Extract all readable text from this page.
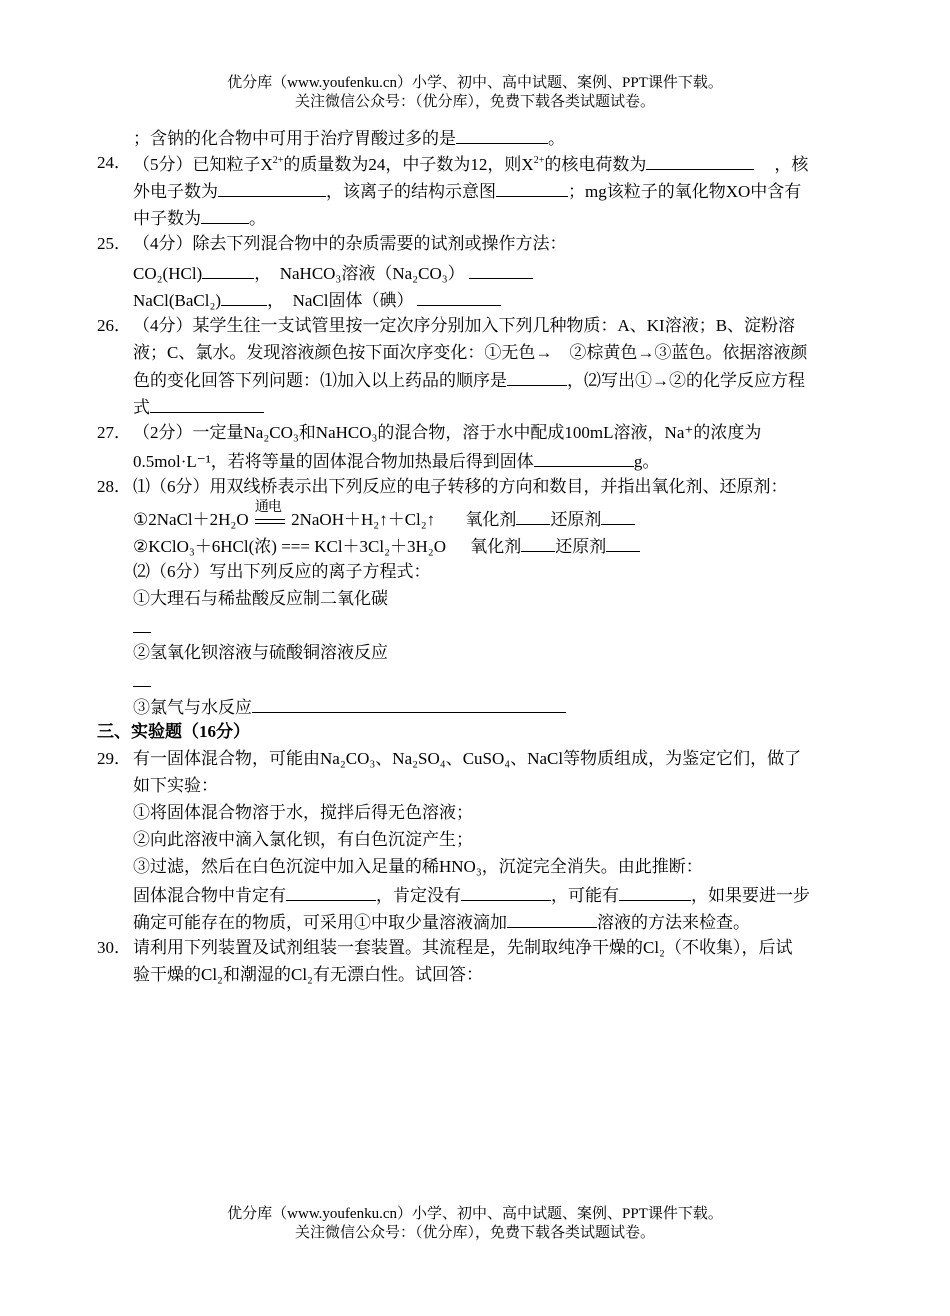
优分库（www.youfenku.cn）小学、初中、高中试题、案例、PPT课件下载。
关注微信公众号：（优分库），免费下载各类试题试卷。
；含钠的化合物中可用于治疗胃酸过多的是	。
24． （5分）已知粒子$X^{2+}$的质量数为24，中子数为12，则$X^{2+}$的核电荷数为	，核
外电子数为	，该离子的结构示意图	；mg该粒子的氧化物XO中含有
中子数为	。
25． （4分）除去下列混合物中的杂质需要的试剂或操作方法：
CO₂(HCl)	，  NaHCO₃溶液（Na₂CO₃）
NaCl(BaCl₂)	，  NaCl固体（碘）
26． （4分）某学生往一支试管里按一定次序分别加入下列几种物质：A、KI溶液；B、淀粉溶
液；C、氯水。发现溶液颜色按下面次序变化：①无色→　②棕黄色→③蓝色。依据溶液颜
色的变化回答下列问题：⑴加入以上药品的顺序是	，⑵写出①→②的化学反应方程
式
27． （2分）一定量Na₂CO₃和NaHCO₃的混合物，溶于水中配成100mL溶液，Na⁺的浓度为
0.5mol·L⁻¹，若将等量的固体混合物加热最后得到固体	g。
28． ⑴（6分）用双线桥表示出下列反应的电子转移的方向和数目，并指出氧化剂、还原剂：
①2NaCl＋2H₂O
通电
2NaOH＋H₂↑＋Cl₂↑ 氧化剂 还原剂
②KClO₃＋6HCl(浓) === KCl＋3Cl₂＋3H₂O 氧化剂 还原剂
⑵（6分）写出下列反应的离子方程式：
①大理石与稀盐酸反应制二氧化碳
②氢氧化钡溶液与硫酸铜溶液反应
③氯气与水反应
三、实验题（16分）
29． 有一固体混合物，可能由Na₂CO₃、Na₂SO₄、CuSO₄、NaCl等物质组成，为鉴定它们，做了
如下实验：
①将固体混合物溶于水，搅拌后得无色溶液；
②向此溶液中滴入氯化钡，有白色沉淀产生；
③过滤，然后在白色沉淀中加入足量的稀HNO₃，沉淀完全消失。由此推断：
固体混合物中肯定有	，肯定没有	，可能有	，如果要进一步
确定可能存在的物质，可采用①中取少量溶液滴加	溶液的方法来检查。
30． 请利用下列装置及试剂组装一套装置。其流程是，先制取纯净干燥的Cl₂（不收集），后试
验干燥的Cl₂和潮湿的Cl₂有无漂白性。试回答：
优分库（www.youfenku.cn）小学、初中、高中试题、案例、PPT课件下载。
关注微信公众号：（优分库），免费下载各类试题试卷。
